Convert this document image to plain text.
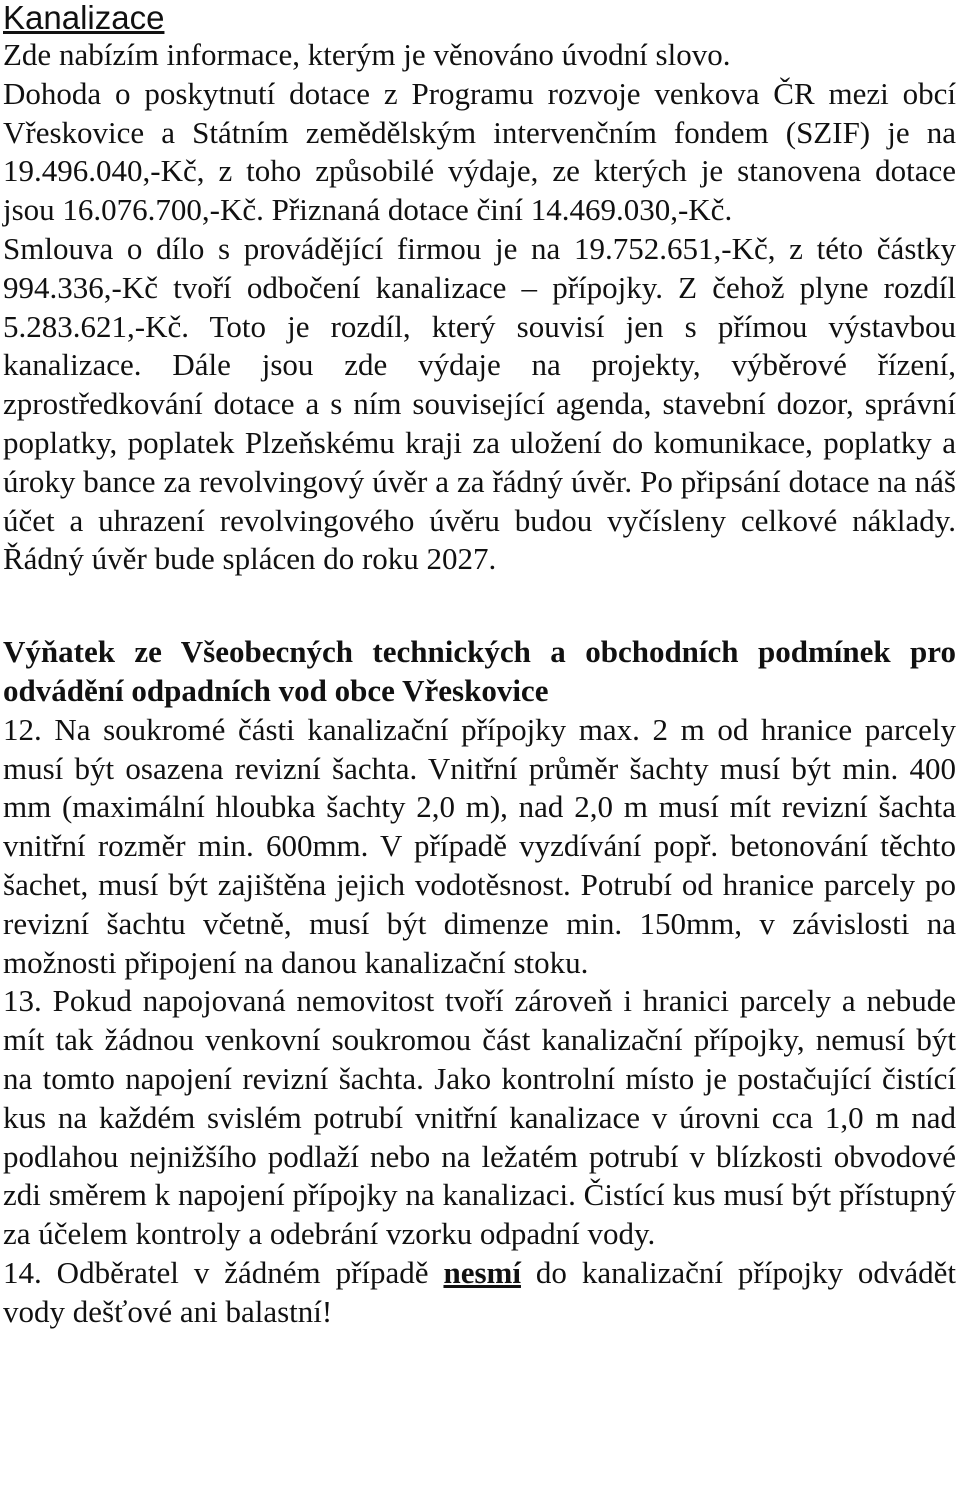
Kanalizace

Zde nabízím informace, kterým je věnováno úvodní slovo.

Dohoda o poskytnutí dotace z Programu rozvoje venkova ČR mezi obcí Vřeskovice a Státním zemědělským intervenčním fondem (SZIF) je na 19.496.040,-Kč, z toho způsobilé výdaje, ze kterých je stanovena dotace jsou 16.076.700,-Kč. Přiznaná dotace činí 14.469.030,-Kč.

Smlouva o dílo s provádějící firmou je na 19.752.651,-Kč, z této částky 994.336,-Kč tvoří odbočení kanalizace – přípojky. Z čehož plyne rozdíl 5.283.621,-Kč. Toto je rozdíl, který souvisí jen s přímou výstavbou kanalizace. Dále jsou zde výdaje na projekty, výběrové řízení, zprostředkování dotace a s ním související agenda, stavební dozor, správní poplatky, poplatek Plzeňskému kraji za uložení do komunikace, poplatky a úroky bance za revolvingový úvěr a za řádný úvěr. Po připsání dotace na náš účet a uhrazení revolvingového úvěru budou vyčísleny celkové náklady. Řádný úvěr bude splácen do roku 2027.

Výňatek ze Všeobecných technických a obchodních podmínek pro odvádění odpadních vod obce Vřeskovice

12. Na soukromé části kanalizační přípojky max. 2 m od hranice parcely musí být osazena revizní šachta. Vnitřní průměr šachty musí být min. 400 mm (maximální hloubka šachty 2,0 m), nad 2,0 m musí mít revizní šachta vnitřní rozměr min. 600mm. V případě vyzdívání popř. betonování těchto šachet, musí být zajištěna jejich vodotěsnost. Potrubí od hranice parcely po revizní šachtu včetně, musí být dimenze min. 150mm, v závislosti na možnosti připojení na danou kanalizační stoku.

13. Pokud napojovaná nemovitost tvoří zároveň i hranici parcely a nebude mít tak žádnou venkovní soukromou část kanalizační přípojky, nemusí být na tomto napojení revizní šachta. Jako kontrolní místo je postačující čistící kus na každém svislém potrubí vnitřní kanalizace v úrovni cca 1,0 m nad podlahou nejnižšího podlaží nebo na ležatém potrubí v blízkosti obvodové zdi směrem k napojení přípojky na kanalizaci. Čistící kus musí být přístupný za účelem kontroly a odebrání vzorku odpadní vody.

14. Odběratel v žádném případě nesmí do kanalizační přípojky odvádět vody dešťové ani balastní!
